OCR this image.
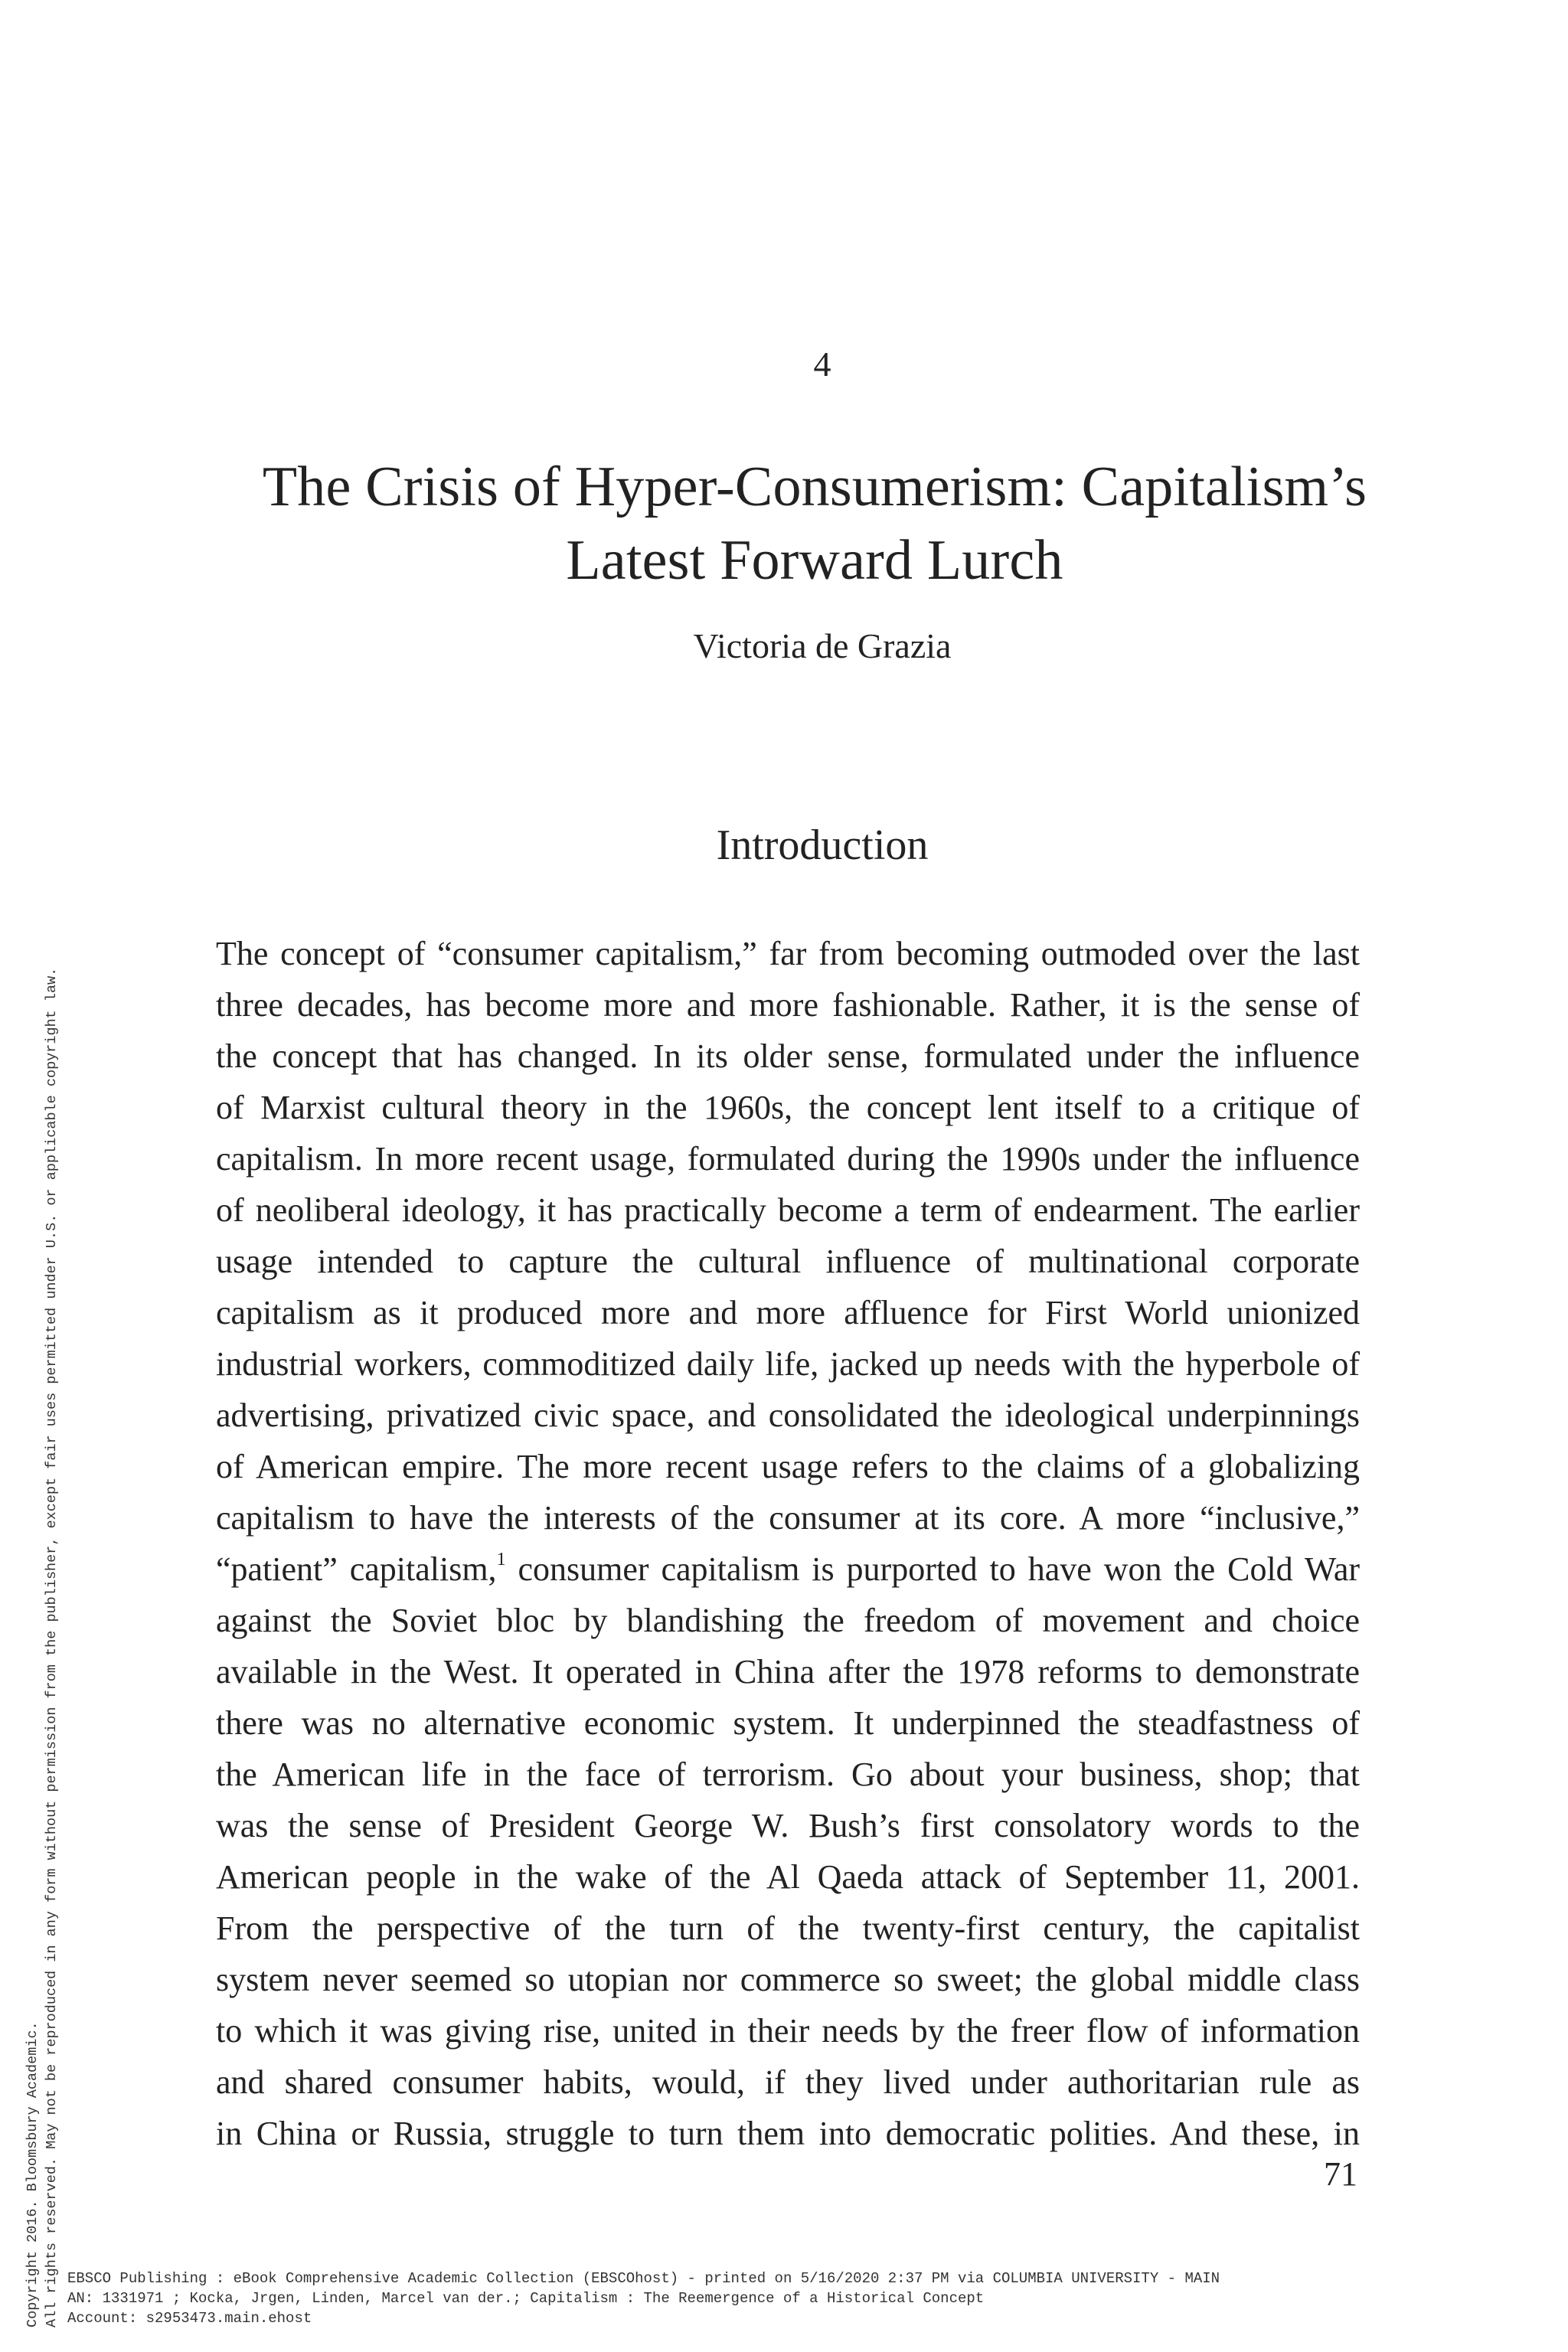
4
The Crisis of Hyper-Consumerism: Capitalism’s
Latest Forward Lurch
Victoria de Grazia
Introduction

The concept of “consumer capitalism,” far from becoming outmoded over the last
three decades, has become more and more fashionable. Rather, it is the sense of
the concept that has changed. In its older sense, formulated under the influence
of Marxist cultural theory in the 1960s, the concept lent itself to a critique of
capitalism. In more recent usage, formulated during the 1990s under the influence
of neoliberal ideology, it has practically become a term of endearment. The earlier
usage intended to capture the cultural influence of multinational corporate
capitalism as it produced more and more affluence for First World unionized
industrial workers, commoditized daily life, jacked up needs with the hyperbole of
advertising, privatized civic space, and consolidated the ideological underpinnings
of American empire. The more recent usage refers to the claims of a globalizing
capitalism to have the interests of the consumer at its core. A more “inclusive,”
“patient” capitalism,$^1$ consumer capitalism is purported to have won the Cold War
against the Soviet bloc by blandishing the freedom of movement and choice
available in the West. It operated in China after the 1978 reforms to demonstrate
there was no alternative economic system. It underpinned the steadfastness of
the American life in the face of terrorism. Go about your business, shop; that
was the sense of President George W. Bush’s first consolatory words to the
American people in the wake of the Al Qaeda attack of September 11, 2001.
From the perspective of the turn of the twenty-first century, the capitalist
system never seemed so utopian nor commerce so sweet; the global middle class
to which it was giving rise, united in their needs by the freer flow of information
and shared consumer habits, would, if they lived under authoritarian rule as
in China or Russia, struggle to turn them into democratic polities. And these, in

71
Copyright 2016. Bloomsbury Academic. All rights reserved. May not be reproduced in any form without permission from the publisher, except fair uses permitted under U.S. or applicable copyright law. EBSCO Publishing : eBook Comprehensive Academic Collection (EBSCOhost) - printed on 5/16/2020 2:37 PM via COLUMBIA UNIVERSITY - MAIN
AN: 1331971 ; Kocka, Jrgen, Linden, Marcel van der.; Capitalism : The Reemergence of a Historical Concept
Account: s2953473.main.ehost
